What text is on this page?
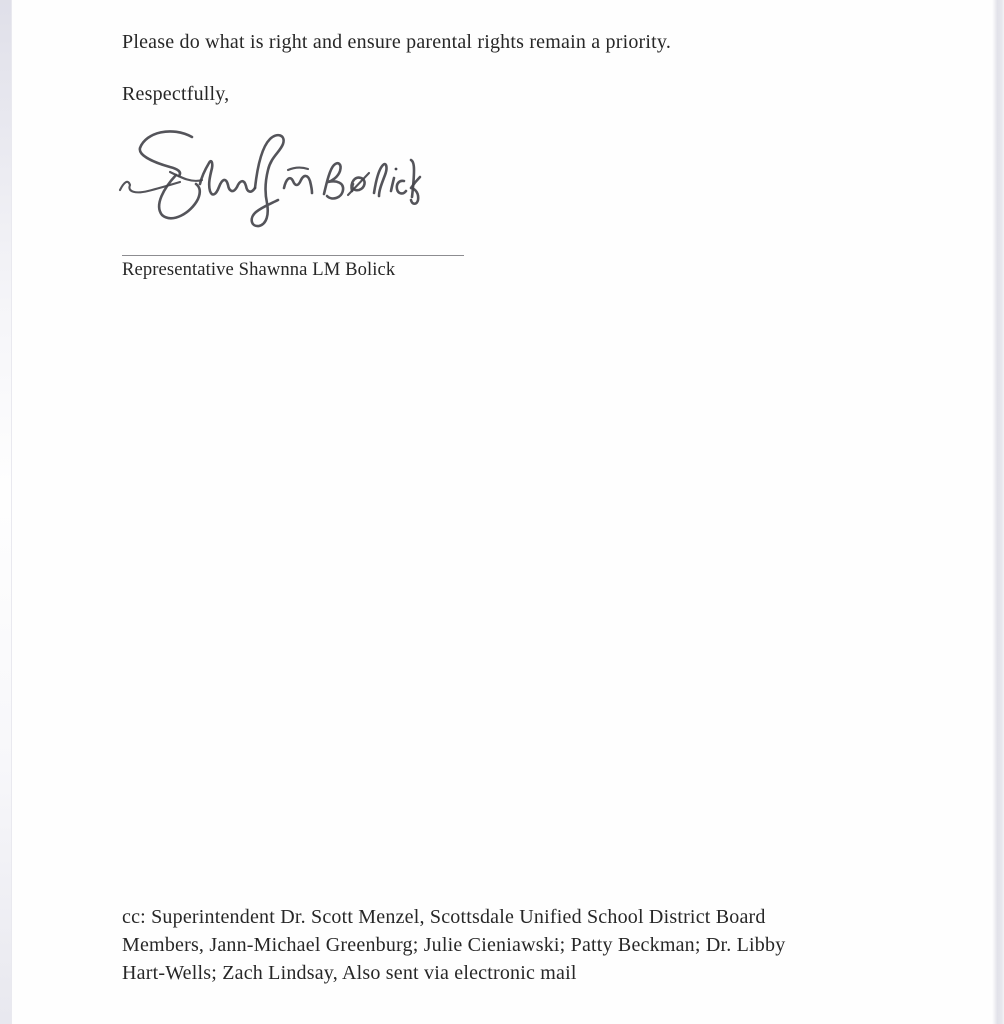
Please do what is right and ensure parental rights remain a priority.
Respectfully,
Representative Shawnna LM Bolick
cc: Superintendent Dr. Scott Menzel, Scottsdale Unified School District Board
Members, Jann-Michael Greenburg; Julie Cieniawski; Patty Beckman; Dr. Libby
Hart-Wells; Zach Lindsay, Also sent via electronic mail
